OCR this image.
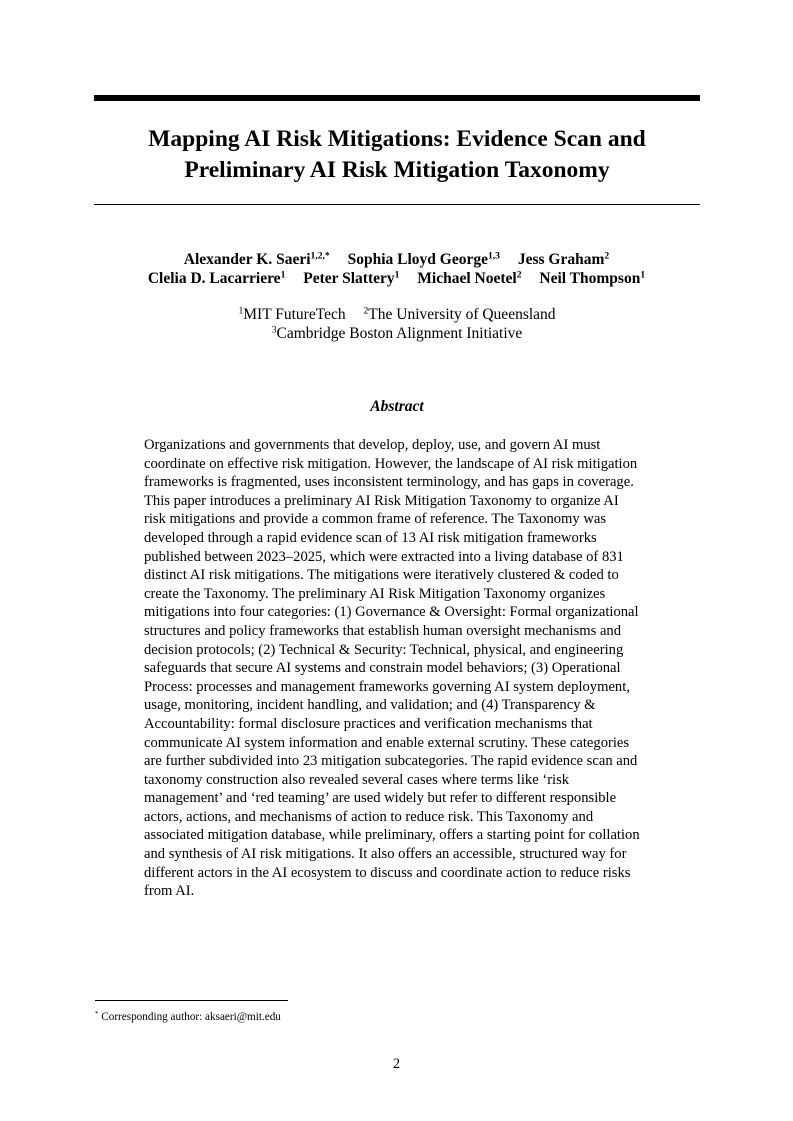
Mapping AI Risk Mitigations: Evidence Scan and
Preliminary AI Risk Mitigation Taxonomy
Alexander K. Saeri$^{1,2,*}$ Sophia Lloyd George$^{1,3}$ Jess Graham$^2$
Clelia D. Lacarriere$^1$ Peter Slattery$^1$ Michael Noetel$^2$ Neil Thompson$^1$
$^1$MIT FutureTech $^2$The University of Queensland
$^3$Cambridge Boston Alignment Initiative
Abstract
Organizations and governments that develop, deploy, use, and govern AI must
coordinate on effective risk mitigation. However, the landscape of AI risk mitigation
frameworks is fragmented, uses inconsistent terminology, and has gaps in coverage.
This paper introduces a preliminary AI Risk Mitigation Taxonomy to organize AI
risk mitigations and provide a common frame of reference. The Taxonomy was
developed through a rapid evidence scan of 13 AI risk mitigation frameworks
published between 2023–2025, which were extracted into a living database of 831
distinct AI risk mitigations. The mitigations were iteratively clustered & coded to
create the Taxonomy. The preliminary AI Risk Mitigation Taxonomy organizes
mitigations into four categories: (1) Governance & Oversight: Formal organizational
structures and policy frameworks that establish human oversight mechanisms and
decision protocols; (2) Technical & Security: Technical, physical, and engineering
safeguards that secure AI systems and constrain model behaviors; (3) Operational
Process: processes and management frameworks governing AI system deployment,
usage, monitoring, incident handling, and validation; and (4) Transparency &
Accountability: formal disclosure practices and verification mechanisms that
communicate AI system information and enable external scrutiny. These categories
are further subdivided into 23 mitigation subcategories. The rapid evidence scan and
taxonomy construction also revealed several cases where terms like ‘risk
management’ and ‘red teaming’ are used widely but refer to different responsible
actors, actions, and mechanisms of action to reduce risk. This Taxonomy and
associated mitigation database, while preliminary, offers a starting point for collation
and synthesis of AI risk mitigations. It also offers an accessible, structured way for
different actors in the AI ecosystem to discuss and coordinate action to reduce risks
from AI.
* Corresponding author: aksaeri@mit.edu
2
